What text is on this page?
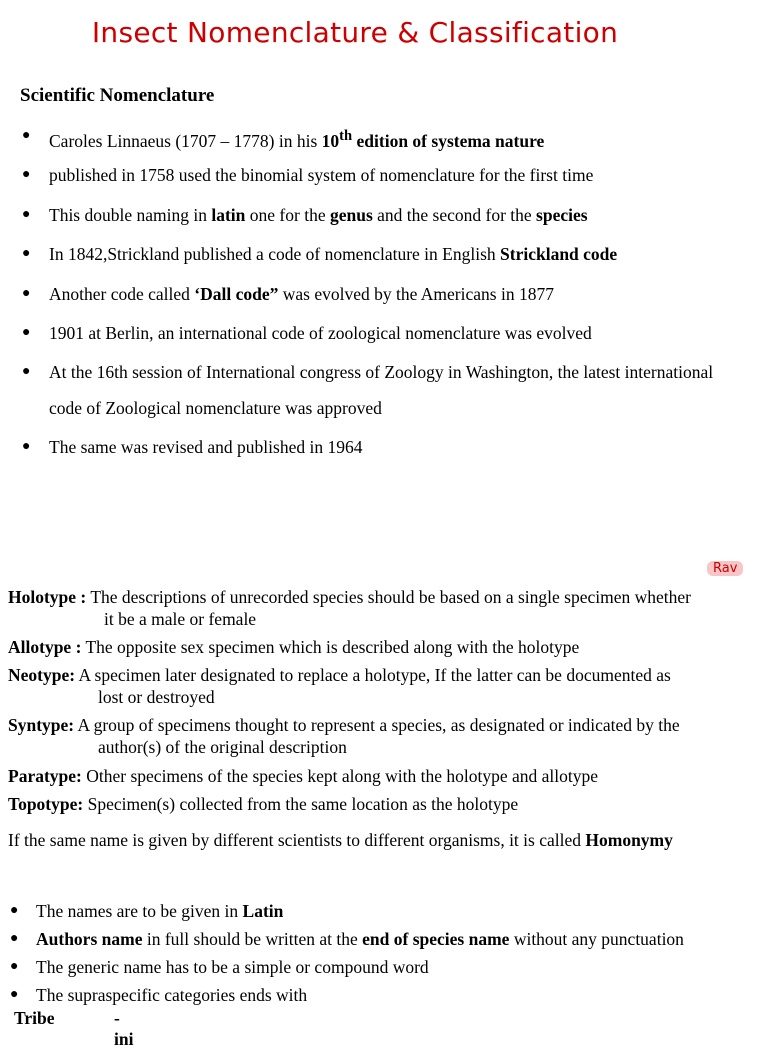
Insect Nomenclature & Classification
Scientific Nomenclature
● Caroles Linnaeus (1707 – 1778) in his 10th edition of systema nature
● published in 1758 used the binomial system of nomenclature for the first time
● This double naming in latin one for the genus and the second for the species
● In 1842,Strickland published a code of nomenclature in English Strickland code
● Another code called ‘Dall code” was evolved by the Americans in 1877
● 1901 at Berlin, an international code of zoological nomenclature was evolved
● At the 16th session of International congress of Zoology in Washington, the latest international code of Zoological nomenclature was approved
● The same was revised and published in 1964
Rav
Holotype : The descriptions of unrecorded species should be based on a single specimen whether
it be a male or female
Allotype : The opposite sex specimen which is described along with the holotype
Neotype: A specimen later designated to replace a holotype, If the latter can be documented as
lost or destroyed
Syntype: A group of specimens thought to represent a species, as designated or indicated by the
author(s) of the original description
Paratype: Other specimens of the species kept along with the holotype and allotype
Topotype: Specimen(s) collected from the same location as the holotype
If the same name is given by different scientists to different organisms, it is called Homonymy
● The names are to be given in Latin
● Authors name in full should be written at the end of species name without any punctuation
● The generic name has to be a simple or compound word
● The supraspecific categories ends with
Tribe	-ini
